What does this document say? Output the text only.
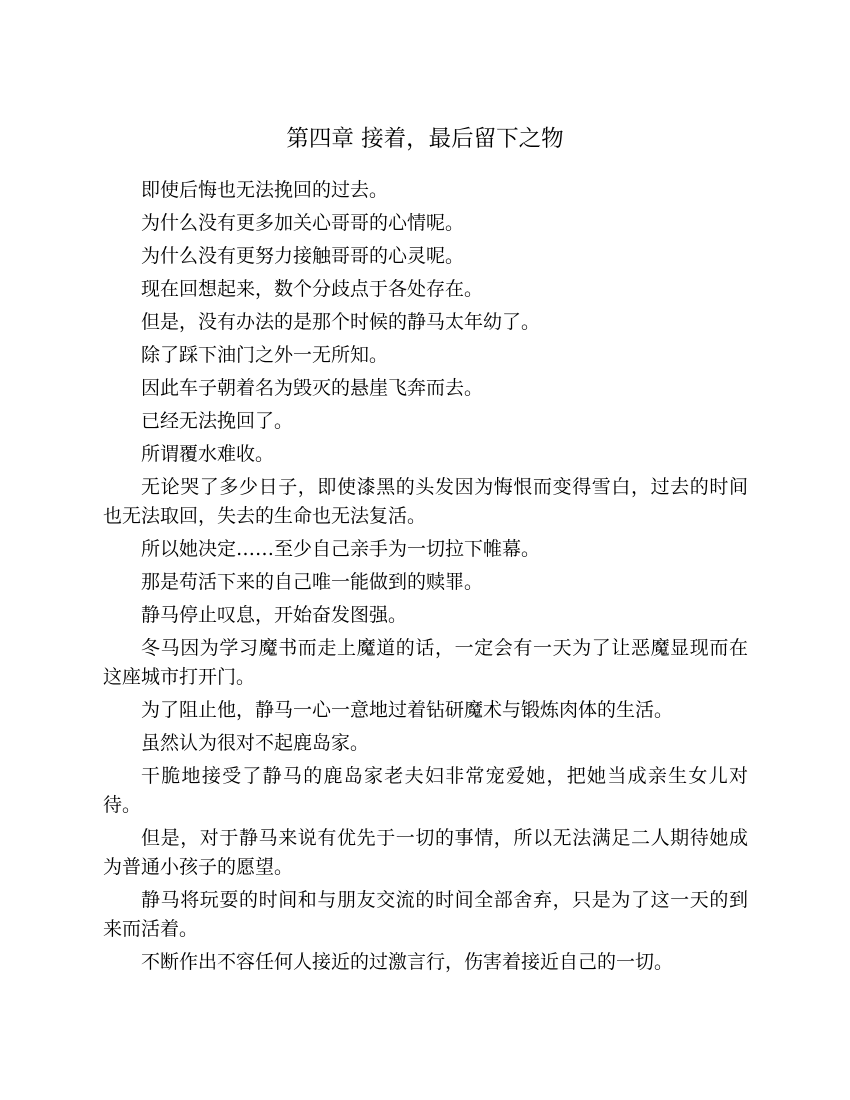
第四章 接着，最后留下之物

即使后悔也无法挽回的过去。

为什么没有更多加关心哥哥的心情呢。

为什么没有更努力接触哥哥的心灵呢。

现在回想起来，数个分歧点于各处存在。

但是，没有办法的是那个时候的静马太年幼了。

除了踩下油门之外一无所知。

因此车子朝着名为毁灭的悬崖飞奔而去。

已经无法挽回了。

所谓覆水难收。

无论哭了多少日子，即使漆黑的头发因为悔恨而变得雪白，过去的时间也无法取回，失去的生命也无法复活。

所以她决定……至少自己亲手为一切拉下帷幕。

那是苟活下来的自己唯一能做到的赎罪。

静马停止叹息，开始奋发图强。

冬马因为学习魔书而走上魔道的话，一定会有一天为了让恶魔显现而在这座城市打开门。

为了阻止他，静马一心一意地过着钻研魔术与锻炼肉体的生活。

虽然认为很对不起鹿岛家。

干脆地接受了静马的鹿岛家老夫妇非常宠爱她，把她当成亲生女儿对待。

但是，对于静马来说有优先于一切的事情，所以无法满足二人期待她成为普通小孩子的愿望。

静马将玩耍的时间和与朋友交流的时间全部舍弃，只是为了这一天的到来而活着。

不断作出不容任何人接近的过激言行，伤害着接近自己的一切。
